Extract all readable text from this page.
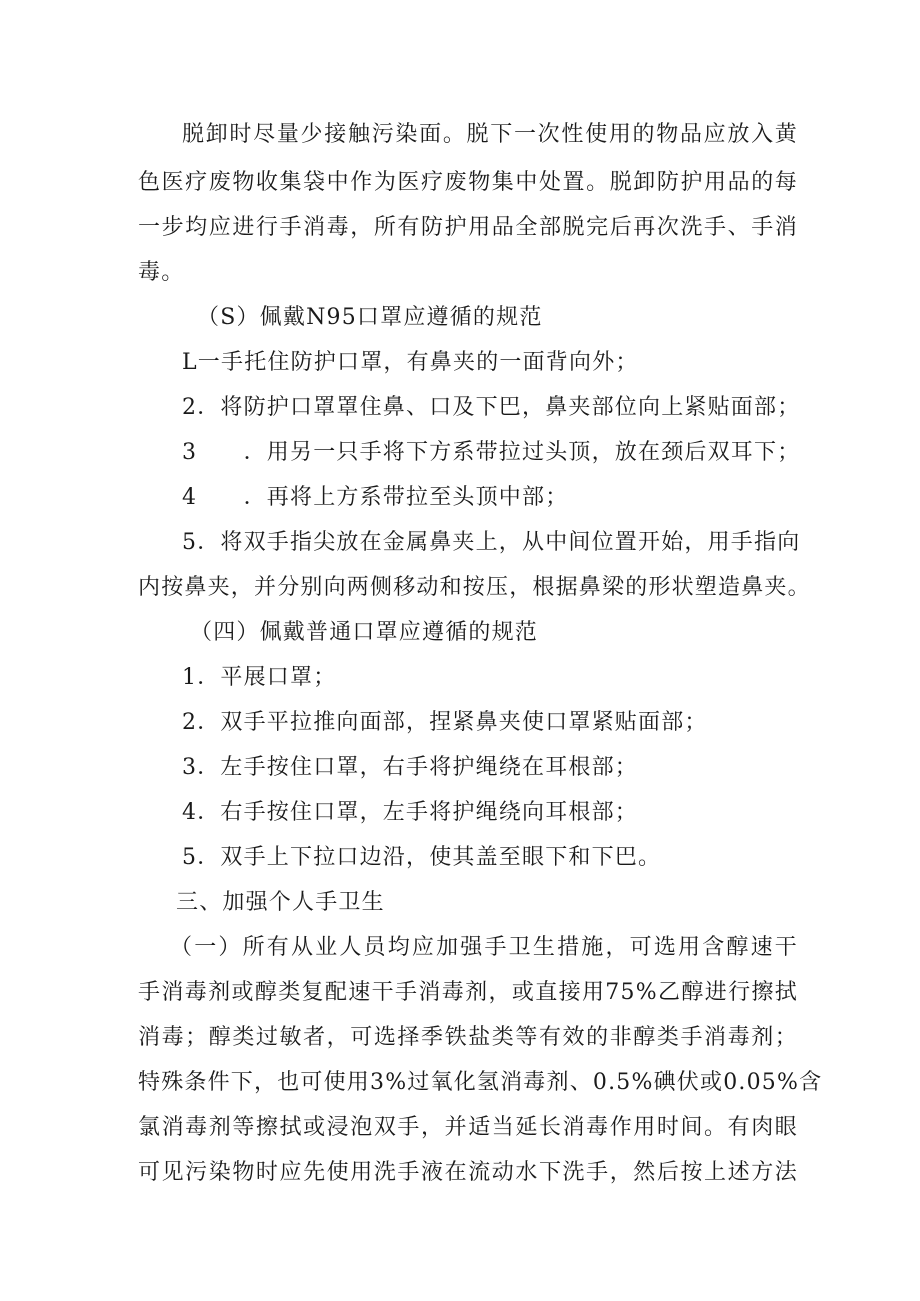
脱卸时尽量少接触污染面。脱下一次性使用的物品应放入黄
色医疗废物收集袋中作为医疗废物集中处置。脱卸防护用品的每
一步均应进行手消毒，所有防护用品全部脱完后再次洗手、手消
毒。
（S）佩戴N95口罩应遵循的规范
L一手托住防护口罩，有鼻夹的一面背向外；
2．将防护口罩罩住鼻、口及下巴，鼻夹部位向上紧贴面部；
3　　．用另一只手将下方系带拉过头顶，放在颈后双耳下；
4　　．再将上方系带拉至头顶中部；
5．将双手指尖放在金属鼻夹上，从中间位置开始，用手指向
内按鼻夹，并分别向两侧移动和按压，根据鼻梁的形状塑造鼻夹。
（四）佩戴普通口罩应遵循的规范
1．平展口罩；
2．双手平拉推向面部，捏紧鼻夹使口罩紧贴面部；
3．左手按住口罩，右手将护绳绕在耳根部；
4．右手按住口罩，左手将护绳绕向耳根部；
5．双手上下拉口边沿，使其盖至眼下和下巴。
三、加强个人手卫生
（一）所有从业人员均应加强手卫生措施，可选用含醇速干
手消毒剂或醇类复配速干手消毒剂，或直接用75%乙醇进行擦拭
消毒；醇类过敏者，可选择季铁盐类等有效的非醇类手消毒剂；
特殊条件下，也可使用3%过氧化氢消毒剂、0.5%碘伏或0.05%含
氯消毒剂等擦拭或浸泡双手，并适当延长消毒作用时间。有肉眼
可见污染物时应先使用洗手液在流动水下洗手，然后按上述方法
